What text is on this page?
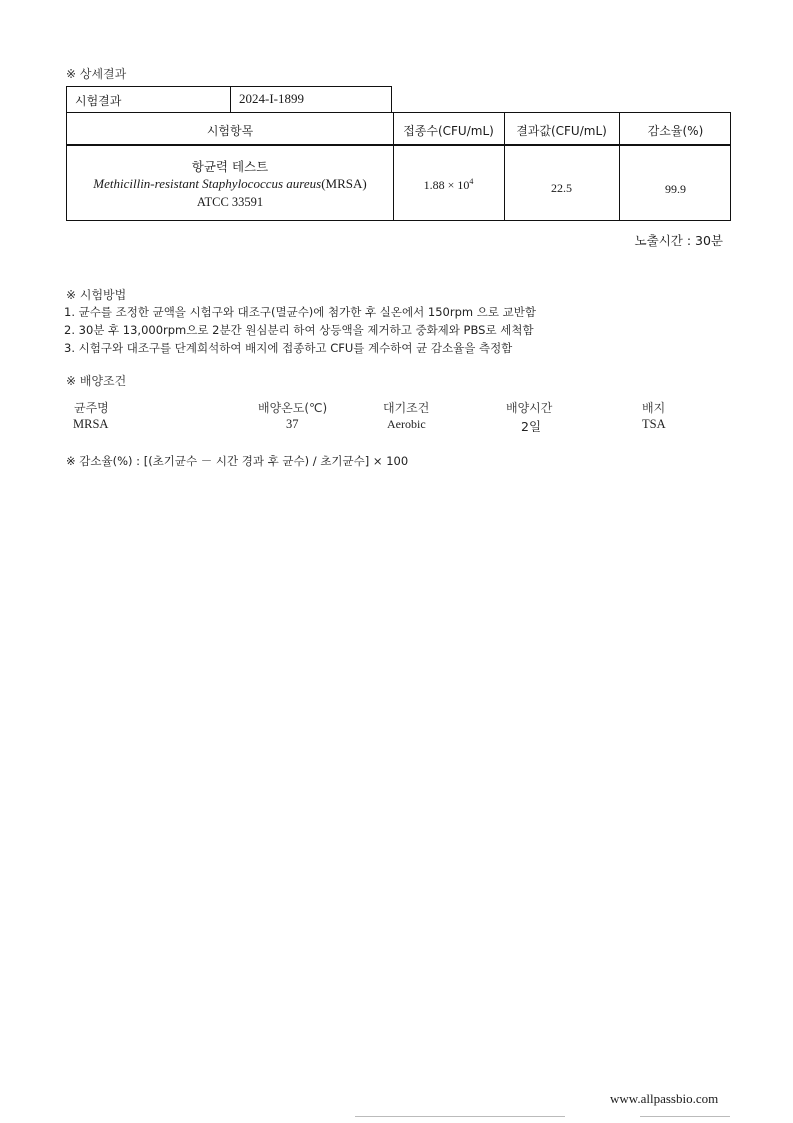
※ 상세결과
시험결과	2024-I-1899
시험항목	접종수(CFU/mL)	결과값(CFU/mL)	감소율(%)
항균력 테스트
Methicillin-resistant Staphylococcus aureus(MRSA)
ATCC 33591
$1.88 \times 10^4$	22.5	99.9
노출시간 : 30분
※ 시험방법
1. 균수를 조정한 균액을 시험구와 대조구(멸균수)에 첨가한 후 실온에서 150rpm 으로 교반함
2. 30분 후 13,000rpm으로 2분간 원심분리 하여 상등액을 제거하고 중화제와 PBS로 세척함
3. 시험구와 대조구를 단계희석하여 배지에 접종하고 CFU를 계수하여 균 감소율을 측정함
※ 배양조건
균주명	배양온도(℃)	대기조건	배양시간	배지
MRSA	37	Aerobic	2일	TSA
※ 감소율(%) : [(초기균수 － 시간 경과 후 균수) / 초기균수] × 100
www.allpassbio.com
